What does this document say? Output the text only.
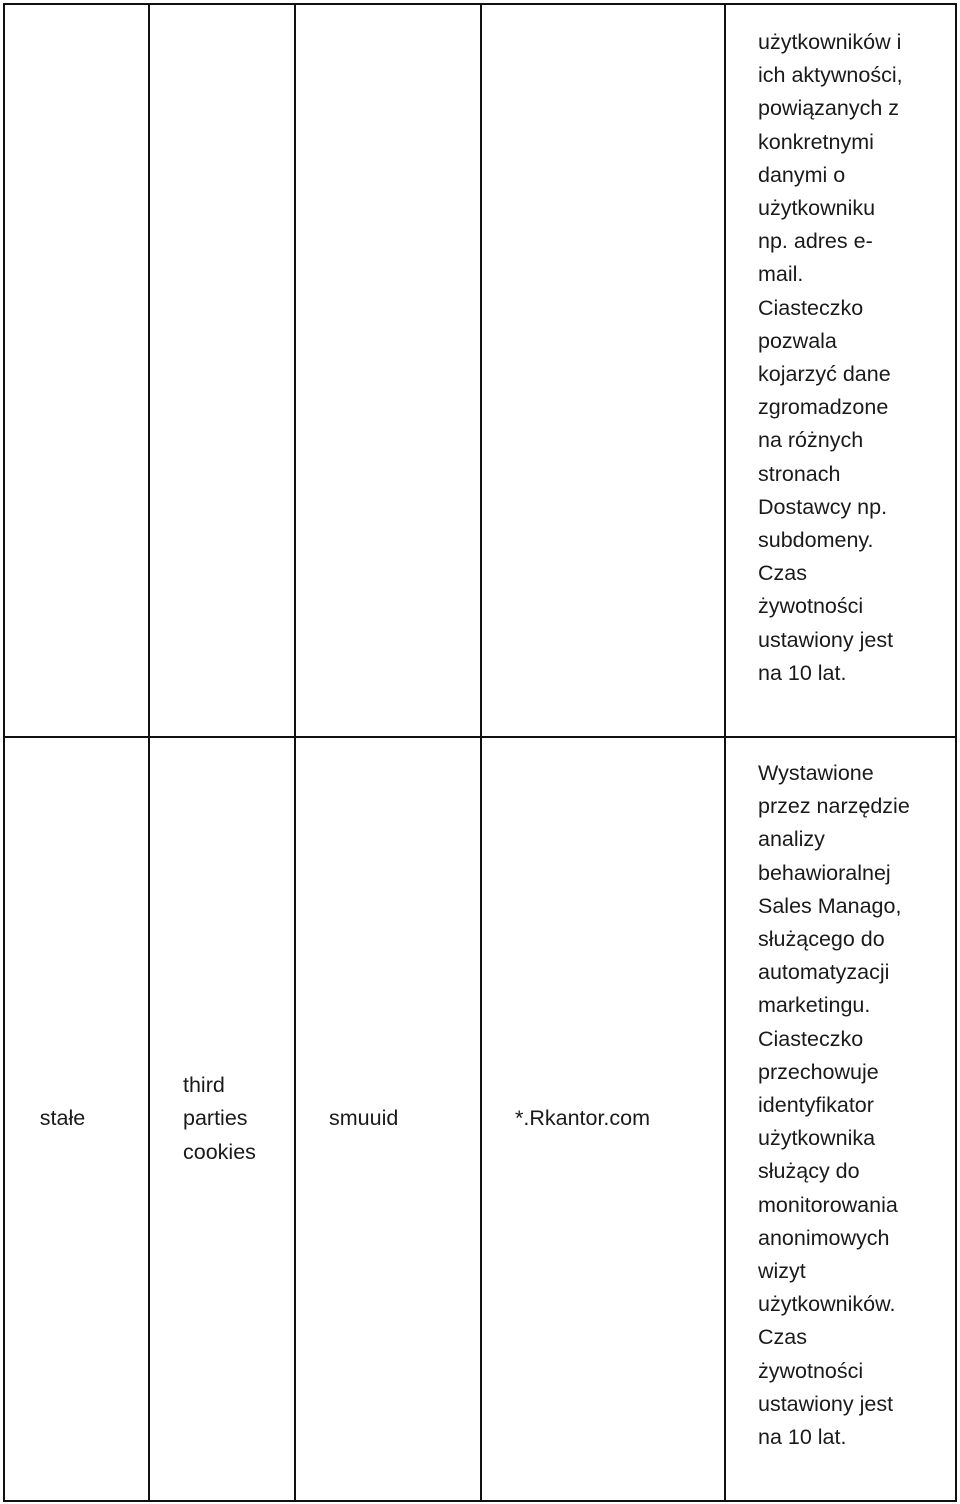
użytkowników i
ich aktywności,
powiązanych z
konkretnymi
danymi o
użytkowniku
np. adres e-
mail.
Ciasteczko
pozwala
kojarzyć dane
zgromadzone
na różnych
stronach
Dostawcy np.
subdomeny.
Czas
żywotności
ustawiony jest
na 10 lat.
stałe
third
parties
cookies
smuuid	*.Rkantor.com
Wystawione
przez narzędzie
analizy
behawioralnej
Sales Manago,
służącego do
automatyzacji
marketingu.
Ciasteczko
przechowuje
identyfikator
użytkownika
służący do
monitorowania
anonimowych
wizyt
użytkowników.
Czas
żywotności
ustawiony jest
na 10 lat.
